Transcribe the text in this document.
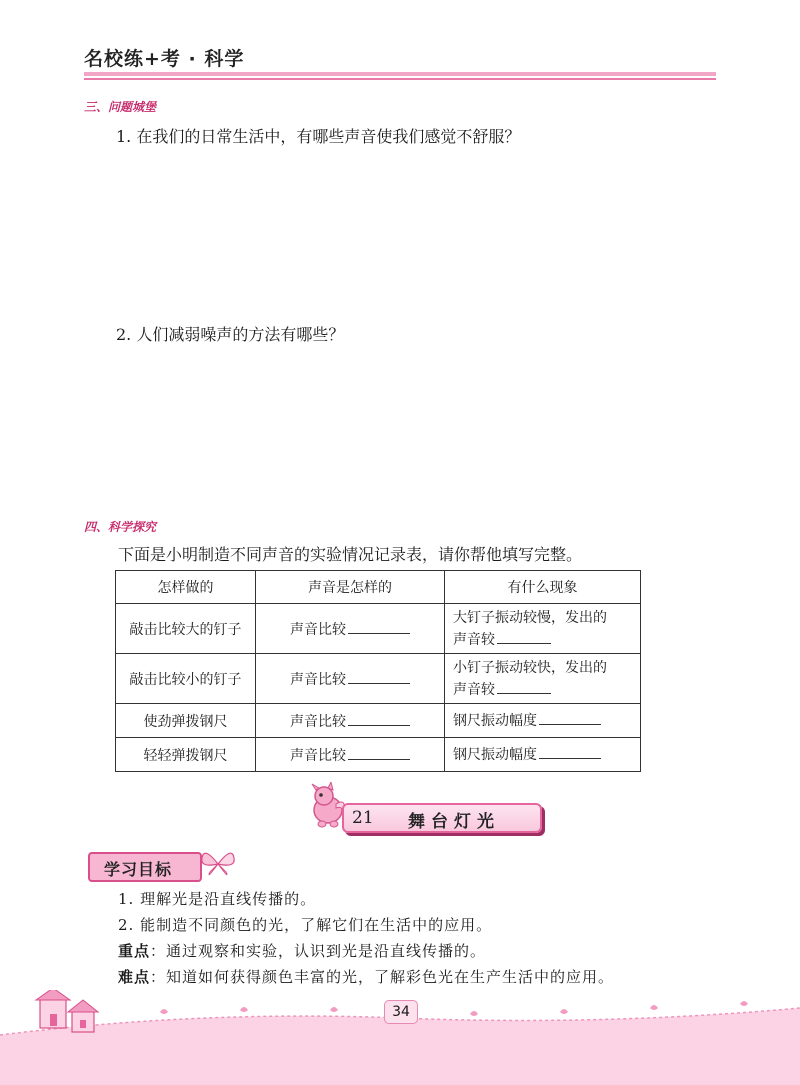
名校练+考 · 科学
三、问题城堡
1. 在我们的日常生活中，有哪些声音使我们感觉不舒服？
2. 人们减弱噪声的方法有哪些？
四、科学探究
下面是小明制造不同声音的实验情况记录表，请你帮他填写完整。
怎样做的	声音是怎样的	有什么现象
敲击比较大的钉子	声音比较	大钉子振动较慢，发出的
声音较
敲击比较小的钉子	声音比较	小钉子振动较快，发出的
声音较
使劲弹拨钢尺	声音比较	钢尺振动幅度
轻轻弹拨钢尺	声音比较	钢尺振动幅度
21 舞台灯光
学习目标
1. 理解光是沿直线传播的。
2. 能制造不同颜色的光，了解它们在生活中的应用。
重点：通过观察和实验，认识到光是沿直线传播的。
难点：知道如何获得颜色丰富的光，了解彩色光在生产生活中的应用。
34
